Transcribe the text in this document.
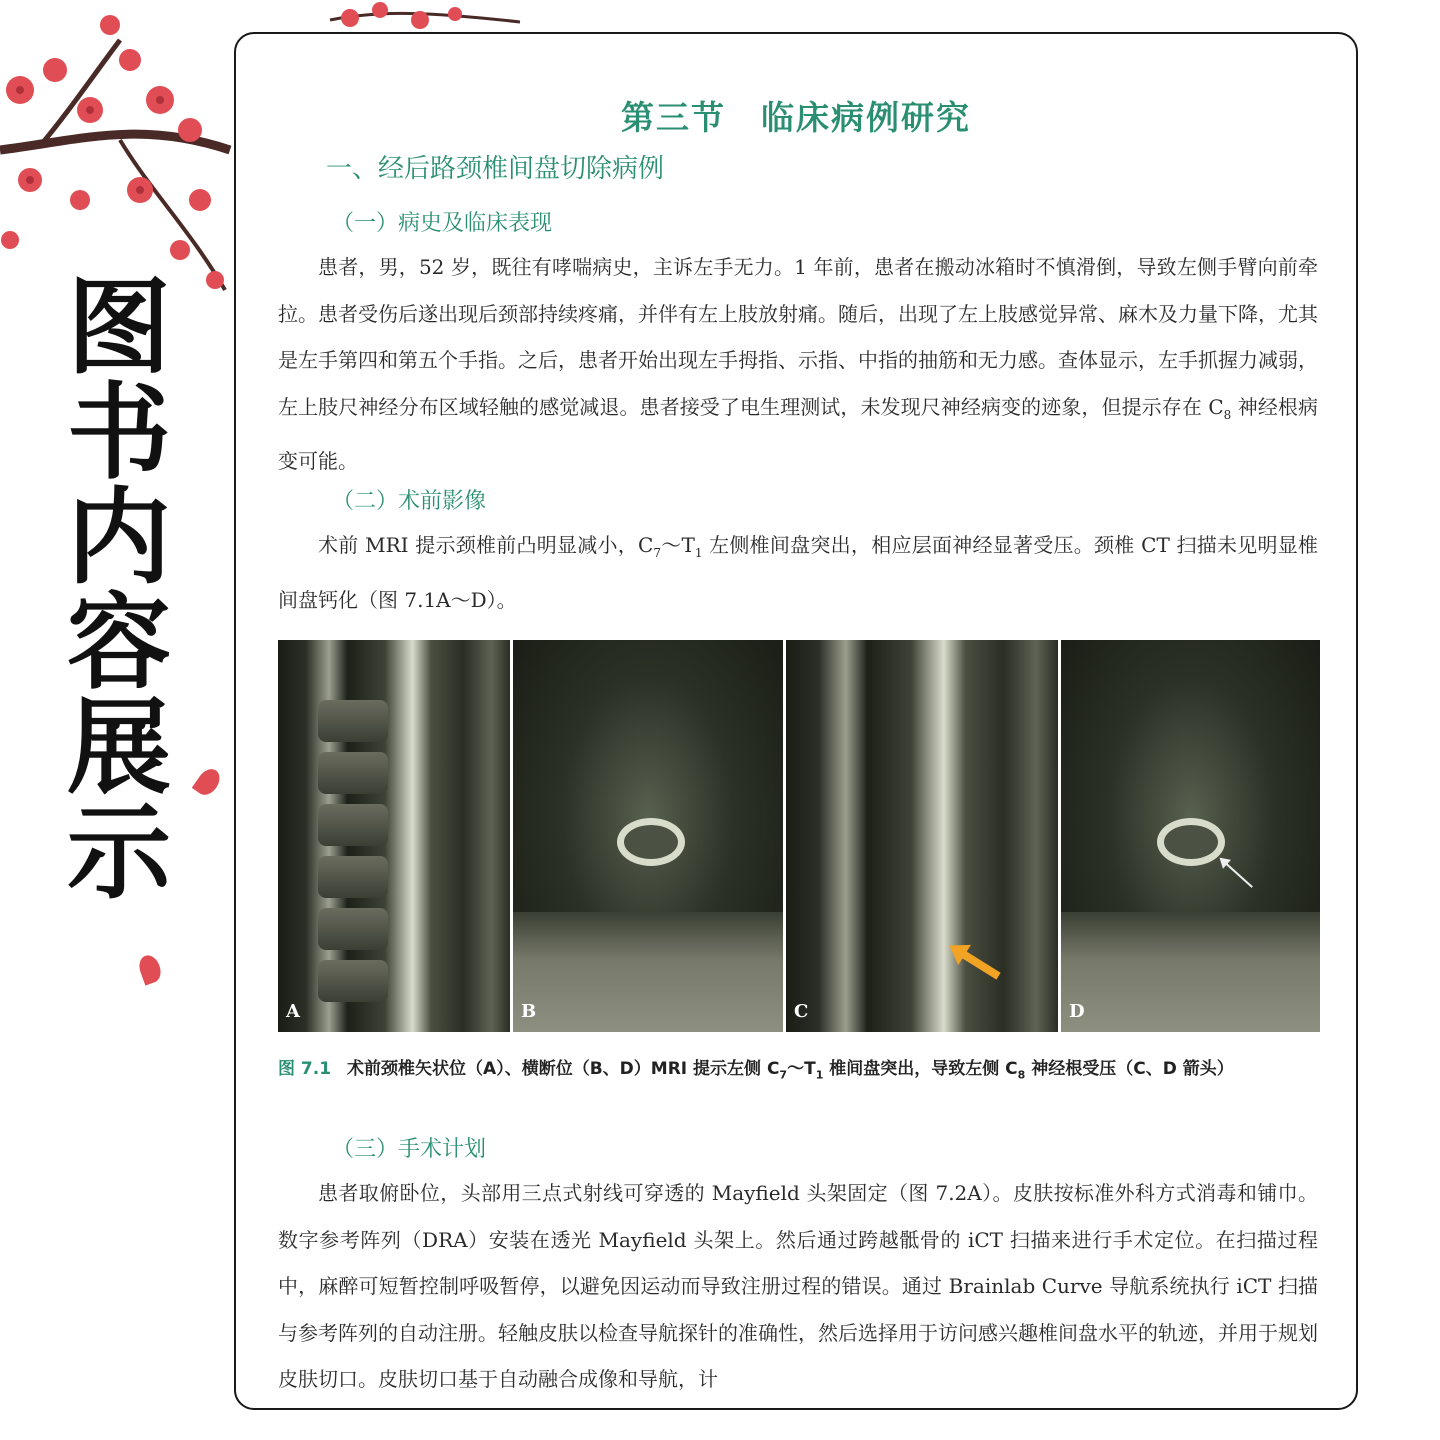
图书内容展示
第三节　临床病例研究
一、经后路颈椎间盘切除病例
（一）病史及临床表现

患者，男，52 岁，既往有哮喘病史，主诉左手无力。1 年前，患者在搬动冰箱时不慎滑倒，导致左侧手臂向前牵拉。患者受伤后遂出现后颈部持续疼痛，并伴有左上肢放射痛。随后，出现了左上肢感觉异常、麻木及力量下降，尤其是左手第四和第五个手指。之后，患者开始出现左手拇指、示指、中指的抽筋和无力感。查体显示，左手抓握力减弱，左上肢尺神经分布区域轻触的感觉减退。患者接受了电生理测试，未发现尺神经病变的迹象，但提示存在 $C_8$ 神经根病变可能。

（二）术前影像

术前 MRI 提示颈椎前凸明显减小，$C_7\sim T_1$ 左侧椎间盘突出，相应层面神经显著受压。颈椎 CT 扫描未见明显椎间盘钙化（图 7.1A～D）。

A	B	C	D
图 7.1 术前颈椎矢状位（A）、横断位（B、D）MRI 提示左侧 $C_7\sim T_1$ 椎间盘突出，导致左侧 $C_8$ 神经根受压（C、D 箭头）
（三）手术计划

患者取俯卧位，头部用三点式射线可穿透的 Mayfield 头架固定（图 7.2A）。皮肤按标准外科方式消毒和铺巾。数字参考阵列（DRA）安装在透光 Mayfield 头架上。然后通过跨越骶骨的 iCT 扫描来进行手术定位。在扫描过程中，麻醉可短暂控制呼吸暂停，以避免因运动而导致注册过程的错误。通过 Brainlab Curve 导航系统执行 iCT 扫描与参考阵列的自动注册。轻触皮肤以检查导航探针的准确性，然后选择用于访问感兴趣椎间盘水平的轨迹，并用于规划皮肤切口。皮肤切口基于自动融合成像和导航，计
